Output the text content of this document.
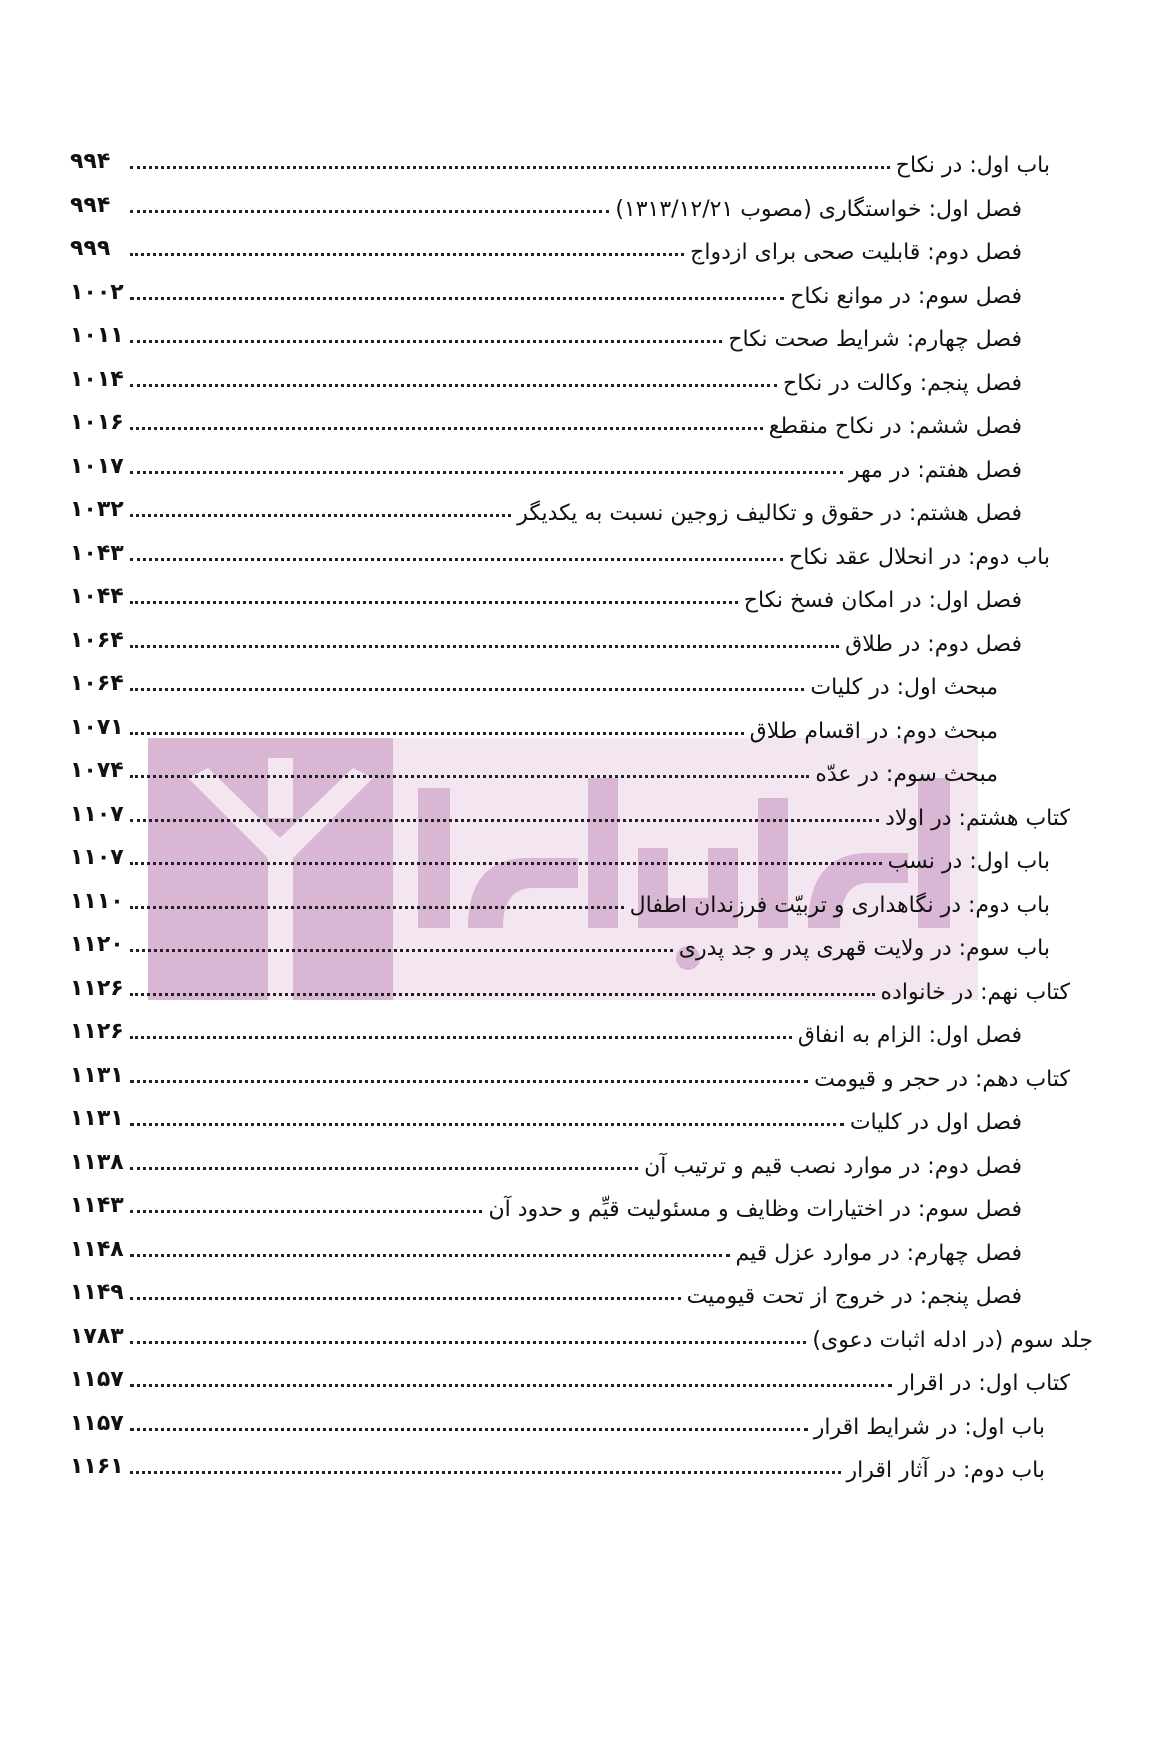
۹۹۴	باب اول: در نکاح
۹۹۴	فصل اول: خواستگاری (مصوب ۱۳۱۳/۱۲/۲۱)
۹۹۹	فصل دوم: قابلیت صحی برای ازدواج
۱۰۰۲	فصل سوم: در موانع نکاح
۱۰۱۱	فصل چهارم: شرایط صحت نکاح
۱۰۱۴	فصل پنجم: وکالت در نکاح
۱۰۱۶	فصل ششم: در نکاح منقطع
۱۰۱۷	فصل هفتم: در مهر
۱۰۳۲	فصل هشتم: در حقوق و تکالیف زوجین نسبت به یکدیگر
۱۰۴۳	باب دوم: در انحلال عقد نکاح
۱۰۴۴	فصل اول: در امکان فسخ نکاح
۱۰۶۴	فصل دوم: در طلاق
۱۰۶۴	مبحث اول: در کلیات
۱۰۷۱	مبحث دوم: در اقسام طلاق
۱۰۷۴	مبحث سوم: در عدّه
۱۱۰۷	کتاب هشتم: در اولاد
۱۱۰۷	باب اول: در نسب
۱۱۱۰	باب دوم: در نگاهداری و تربیّت فرزندان اطفال
۱۱۲۰	باب سوم: در ولایت قهری پدر و جد پدری
۱۱۲۶	کتاب نهم: در خانواده
۱۱۲۶	فصل اول: الزام به انفاق
۱۱۳۱	کتاب دهم: در حجر و قیومت
۱۱۳۱	فصل اول در کلیات
۱۱۳۸	فصل دوم: در موارد نصب قیم و ترتیب آن
۱۱۴۳	فصل سوم: در اختیارات وظایف و مسئولیت قیِّم و حدود آن
۱۱۴۸	فصل چهارم: در موارد عزل قیم
۱۱۴۹	فصل پنجم: در خروج از تحت قیومیت
۱۷۸۳	جلد سوم (در ادله اثبات دعوی)
۱۱۵۷	کتاب اول: در اقرار
۱۱۵۷	باب اول: در شرایط اقرار
۱۱۶۱	باب دوم: در آثار اقرار
